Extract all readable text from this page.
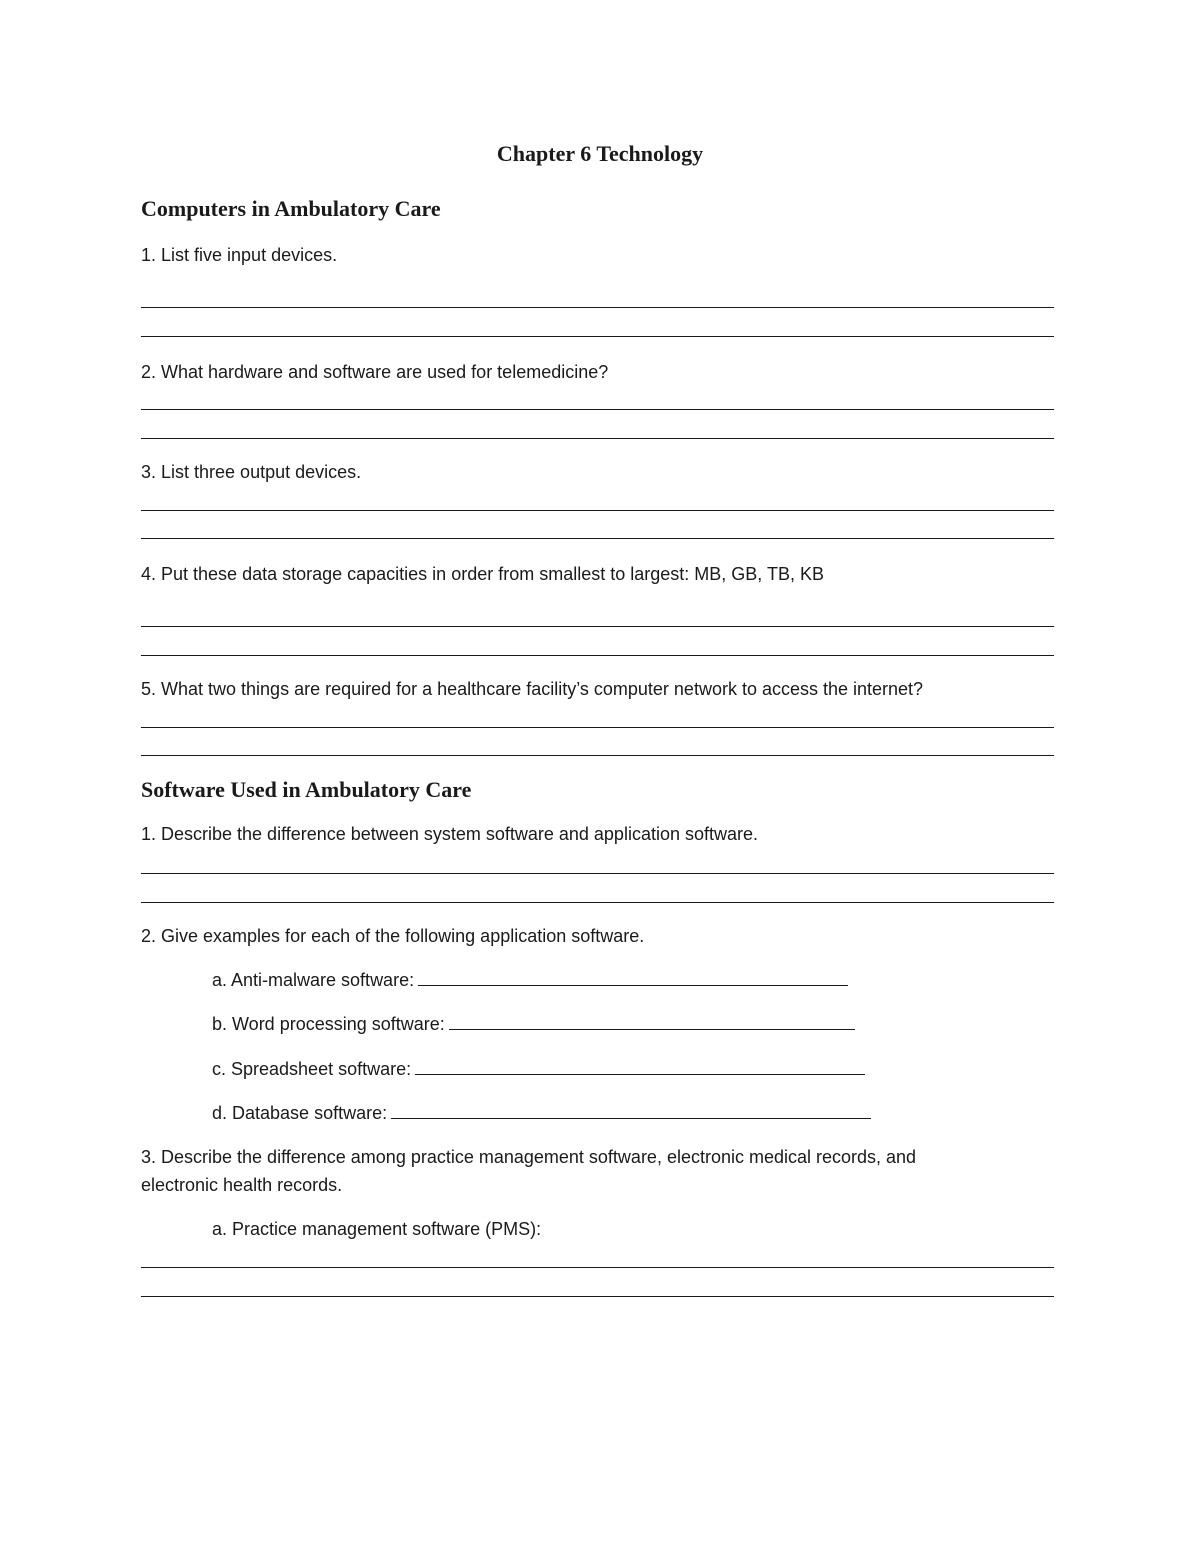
Chapter 6 Technology
Computers in Ambulatory Care
1. List five input devices.
2. What hardware and software are used for telemedicine?
3. List three output devices.
4. Put these data storage capacities in order from smallest to largest: MB, GB, TB, KB
5. What two things are required for a healthcare facility’s computer network to access the internet?
Software Used in Ambulatory Care
1. Describe the difference between system software and application software.
2. Give examples for each of the following application software.
a. Anti-malware software:
b. Word processing software:
c. Spreadsheet software:
d. Database software:
3. Describe the difference among practice management software, electronic medical records, and
electronic health records.
a. Practice management software (PMS):
